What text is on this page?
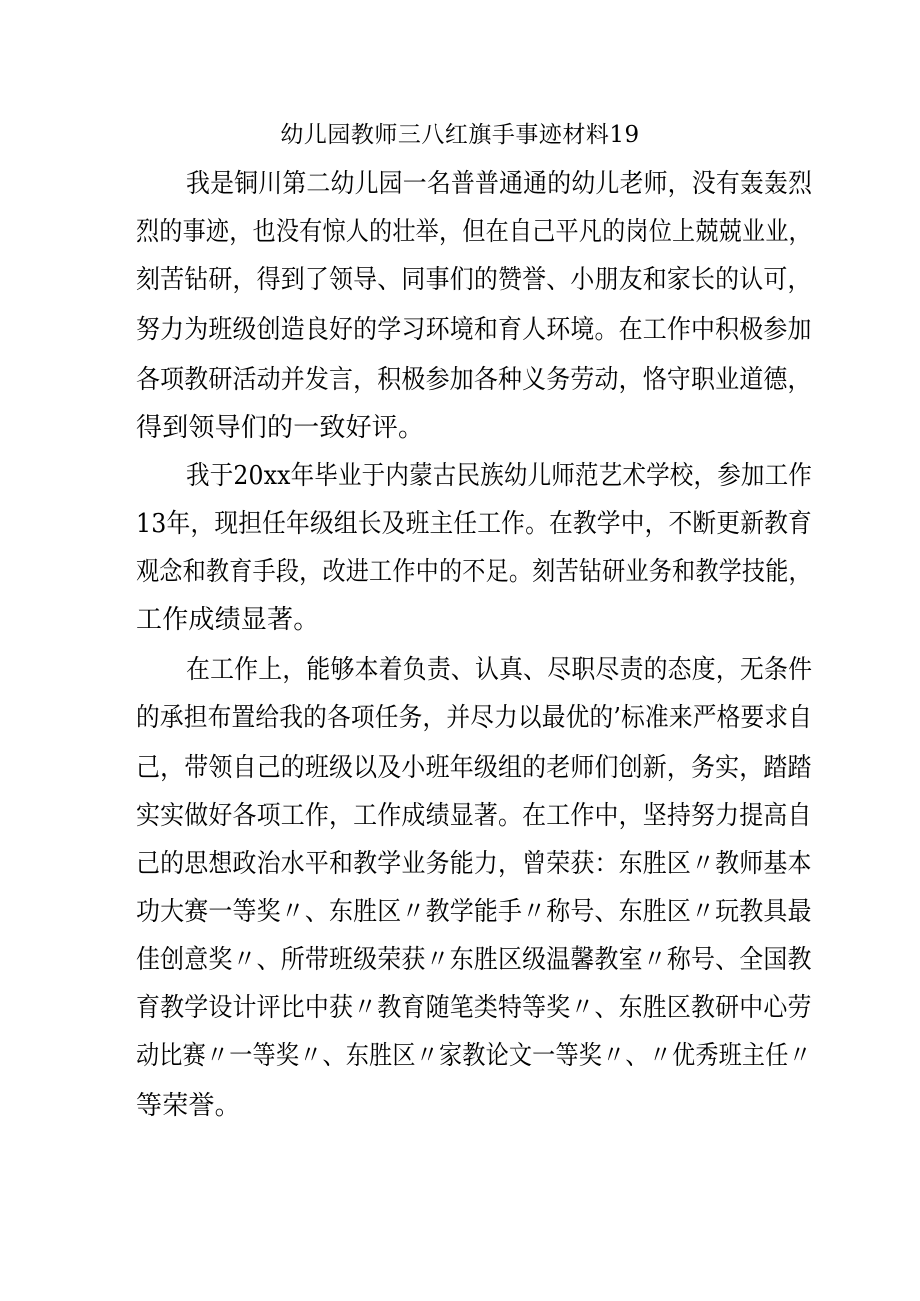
幼儿园教师三八红旗手事迹材料19

我是铜川第二幼儿园一名普普通通的幼儿老师，没有轰轰烈

烈的事迹，也没有惊人的壮举，但在自己平凡的岗位上兢兢业业，

刻苦钻研，得到了领导、同事们的赞誉、小朋友和家长的认可，

努力为班级创造良好的学习环境和育人环境。在工作中积极参加

各项教研活动并发言，积极参加各种义务劳动，恪守职业道德，

得到领导们的一致好评。

我于20xx年毕业于内蒙古民族幼儿师范艺术学校，参加工作

13年，现担任年级组长及班主任工作。在教学中，不断更新教育

观念和教育手段，改进工作中的不足。刻苦钻研业务和教学技能，

工作成绩显著。

在工作上，能够本着负责、认真、尽职尽责的态度，无条件

的承担布置给我的各项任务，并尽力以最优的’标准来严格要求自

己，带领自己的班级以及小班年级组的老师们创新，务实，踏踏

实实做好各项工作，工作成绩显著。在工作中，坚持努力提高自

己的思想政治水平和教学业务能力，曾荣获：东胜区〃教师基本

功大赛一等奖〃、东胜区〃教学能手〃称号、东胜区〃玩教具最

佳创意奖〃、所带班级荣获〃东胜区级温馨教室〃称号、全国教

育教学设计评比中获〃教育随笔类特等奖〃、东胜区教研中心劳

动比赛〃一等奖〃、东胜区〃家教论文一等奖〃、〃优秀班主任〃

等荣誉。
